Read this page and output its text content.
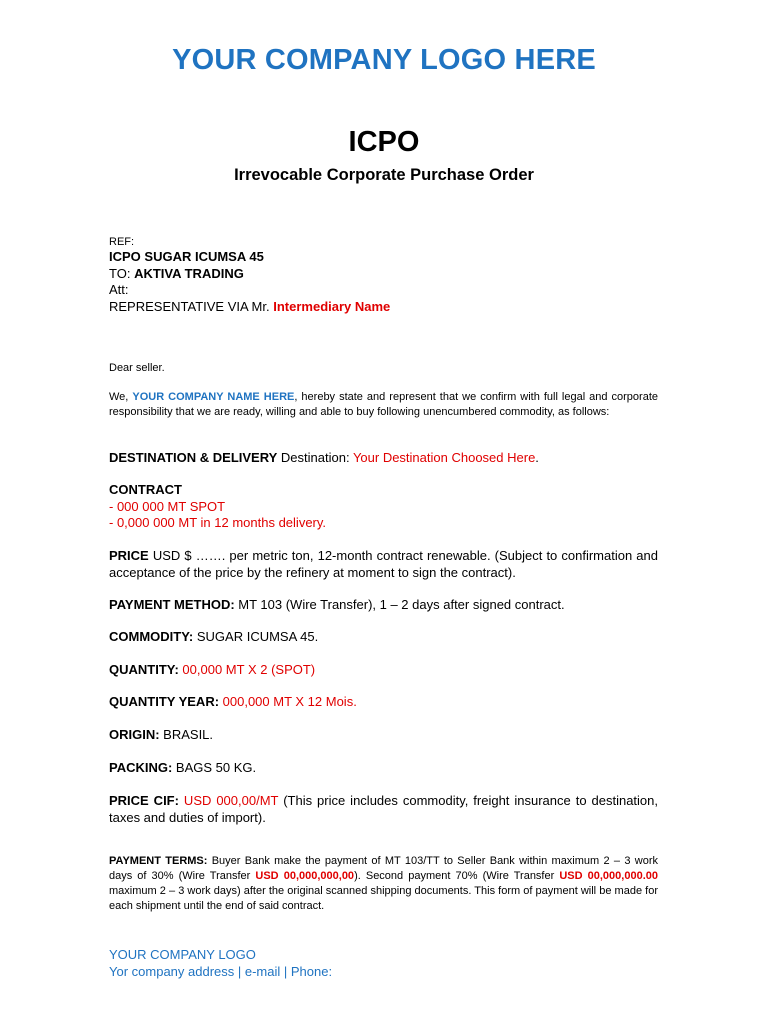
YOUR COMPANY LOGO HERE
ICPO
Irrevocable Corporate Purchase Order
REF:
ICPO SUGAR ICUMSA 45
TO: AKTIVA TRADING
Att:
REPRESENTATIVE VIA Mr. Intermediary Name
Dear seller.
We, YOUR COMPANY NAME HERE, hereby state and represent that we confirm with full legal and corporate responsibility that we are ready, willing and able to buy following unencumbered commodity, as follows:
DESTINATION & DELIVERY Destination: Your Destination Choosed Here.
CONTRACT
- 000 000 MT SPOT
- 0,000 000 MT in 12 months delivery.
PRICE USD $ ……. per metric ton, 12-month contract renewable. (Subject to confirmation and acceptance of the price by the refinery at moment to sign the contract).
PAYMENT METHOD: MT 103 (Wire Transfer), 1 – 2 days after signed contract.
COMMODITY: SUGAR ICUMSA 45.
QUANTITY: 00,000 MT X 2 (SPOT)
QUANTITY YEAR: 000,000 MT X 12 Mois.
ORIGIN: BRASIL.
PACKING: BAGS 50 KG.
PRICE CIF: USD 000,00/MT (This price includes commodity, freight insurance to destination, taxes and duties of import).
PAYMENT TERMS: Buyer Bank make the payment of MT 103/TT to Seller Bank within maximum 2 – 3 work days of 30% (Wire Transfer USD 00,000,000,00). Second payment 70% (Wire Transfer USD 00,000,000.00 maximum 2 – 3 work days) after the original scanned shipping documents. This form of payment will be made for each shipment until the end of said contract.
YOUR COMPANY LOGO
Yor company address | e-mail | Phone:
